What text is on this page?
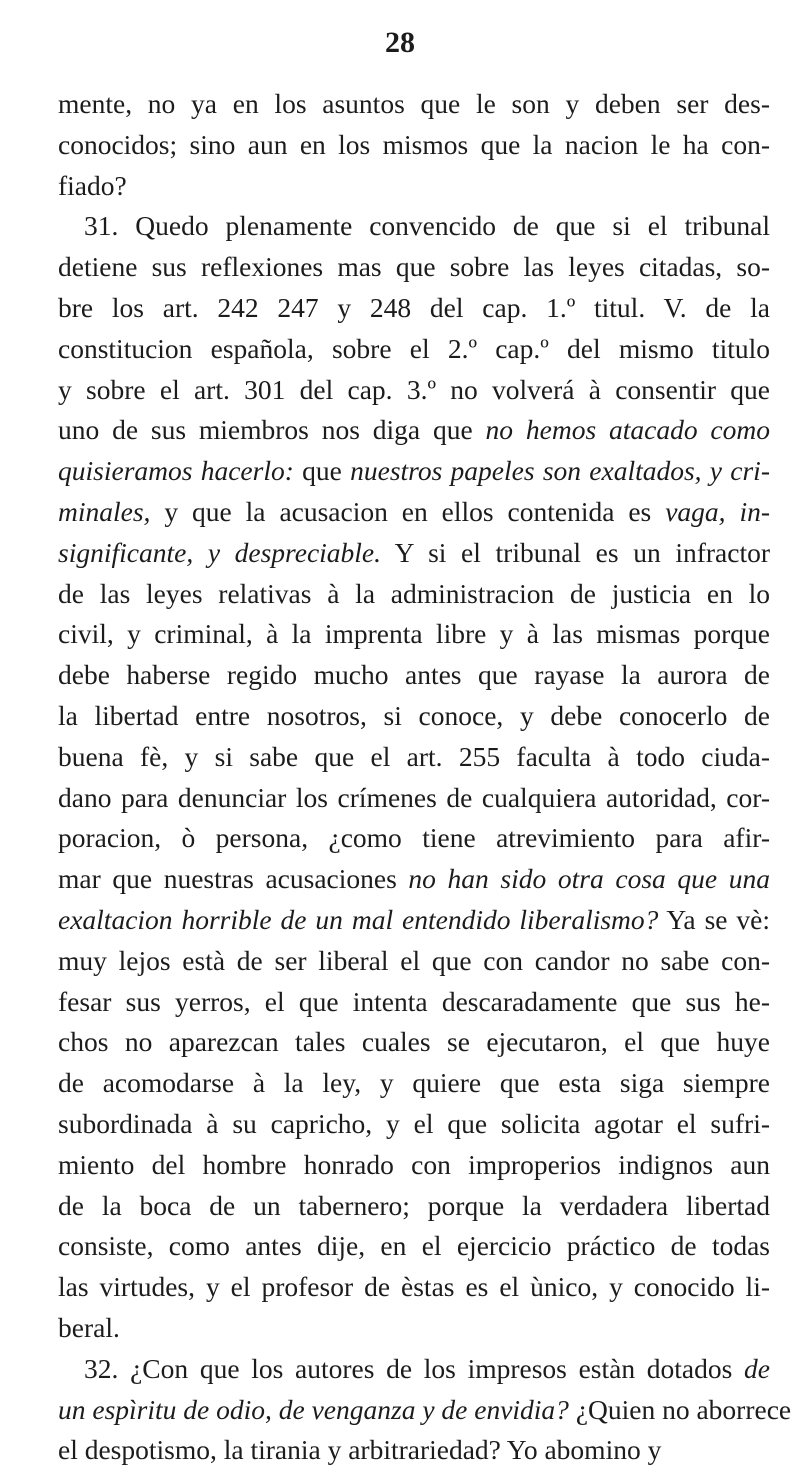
28
mente, no ya en los asuntos que le son y deben ser des-
conocidos; sino aun en los mismos que la nacion le ha con-
fiado?
31. Quedo plenamente convencido de que si el tribunal
detiene sus reflexiones mas que sobre las leyes citadas, so-
bre los art. 242 247 y 248 del cap. 1.º titul. V. de la
constitucion española, sobre el 2.º cap.º del mismo titulo
y sobre el art. 301 del cap. 3.º no volverá à consentir que
uno de sus miembros nos diga que no hemos atacado como
quisieramos hacerlo: que nuestros papeles son exaltados, y cri-
minales, y que la acusacion en ellos contenida es vaga, in-
significante, y despreciable. Y si el tribunal es un infractor
de las leyes relativas à la administracion de justicia en lo
civil, y criminal, à la imprenta libre y à las mismas porque
debe haberse regido mucho antes que rayase la aurora de
la libertad entre nosotros, si conoce, y debe conocerlo de
buena fè, y si sabe que el art. 255 faculta à todo ciuda-
dano para denunciar los crímenes de cualquiera autoridad, cor-
poracion, ò persona, ¿como tiene atrevimiento para afir-
mar que nuestras acusaciones no han sido otra cosa que una
exaltacion horrible de un mal entendido liberalismo? Ya se vè:
muy lejos està de ser liberal el que con candor no sabe con-
fesar sus yerros, el que intenta descaradamente que sus he-
chos no aparezcan tales cuales se ejecutaron, el que huye
de acomodarse à la ley, y quiere que esta siga siempre
subordinada à su capricho, y el que solicita agotar el sufri-
miento del hombre honrado con improperios indignos aun
de la boca de un tabernero; porque la verdadera libertad
consiste, como antes dije, en el ejercicio práctico de todas
las virtudes, y el profesor de èstas es el ùnico, y conocido li-
beral.
32. ¿Con que los autores de los impresos estàn dotados de
un espìritu de odio, de venganza y de envidia? ¿Quien no aborrece
el despotismo, la tirania y arbitrariedad? Yo abomino y
